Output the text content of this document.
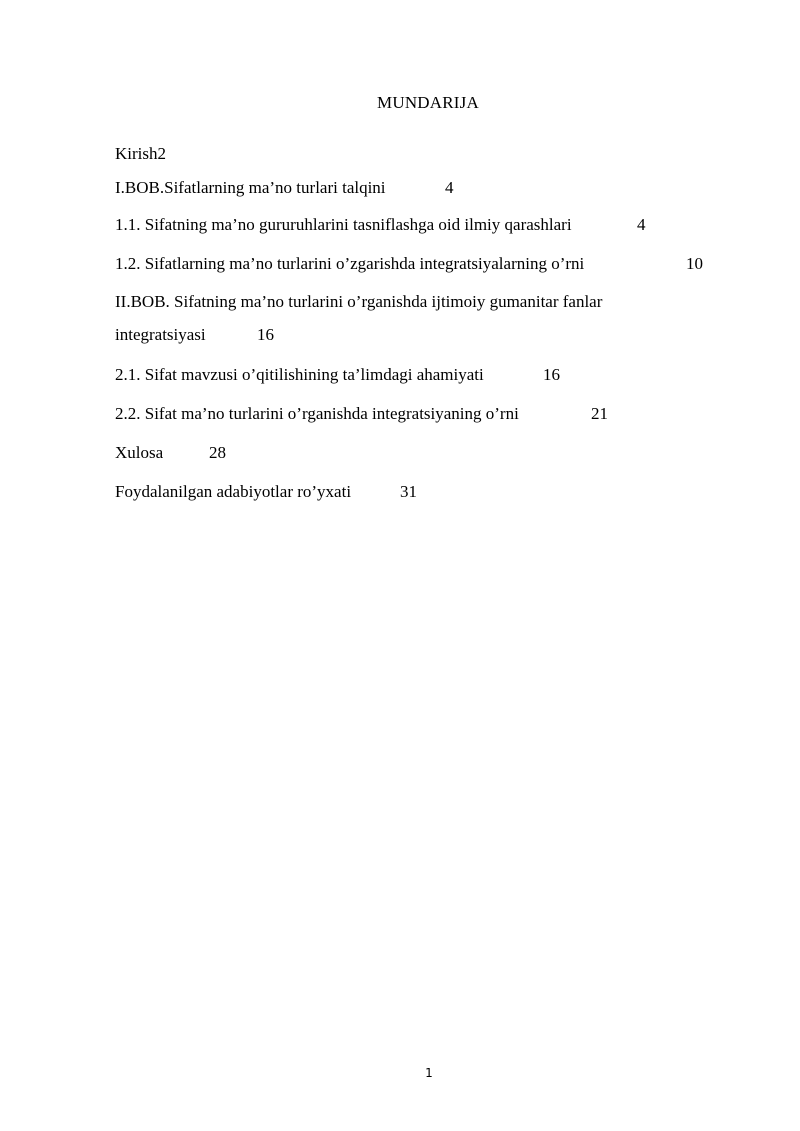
MUNDARIJA
Kirish2
I.BOB.Sifatlarning ma’no turlari talqini	4
1.1. Sifatning ma’no gururuhlarini tasniflashga oid ilmiy qarashlari	4
1.2. Sifatlarning ma’no turlarini o’zgarishda integratsiyalarning o’rni	10
II.BOB. Sifatning ma’no turlarini o’rganishda ijtimoiy gumanitar fanlar
integratsiyasi	16
2.1. Sifat mavzusi o’qitilishining ta’limdagi ahamiyati	16
2.2. Sifat ma’no turlarini o’rganishda integratsiyaning o’rni	21
Xulosa	28
Foydalanilgan adabiyotlar ro’yxati	31
1
